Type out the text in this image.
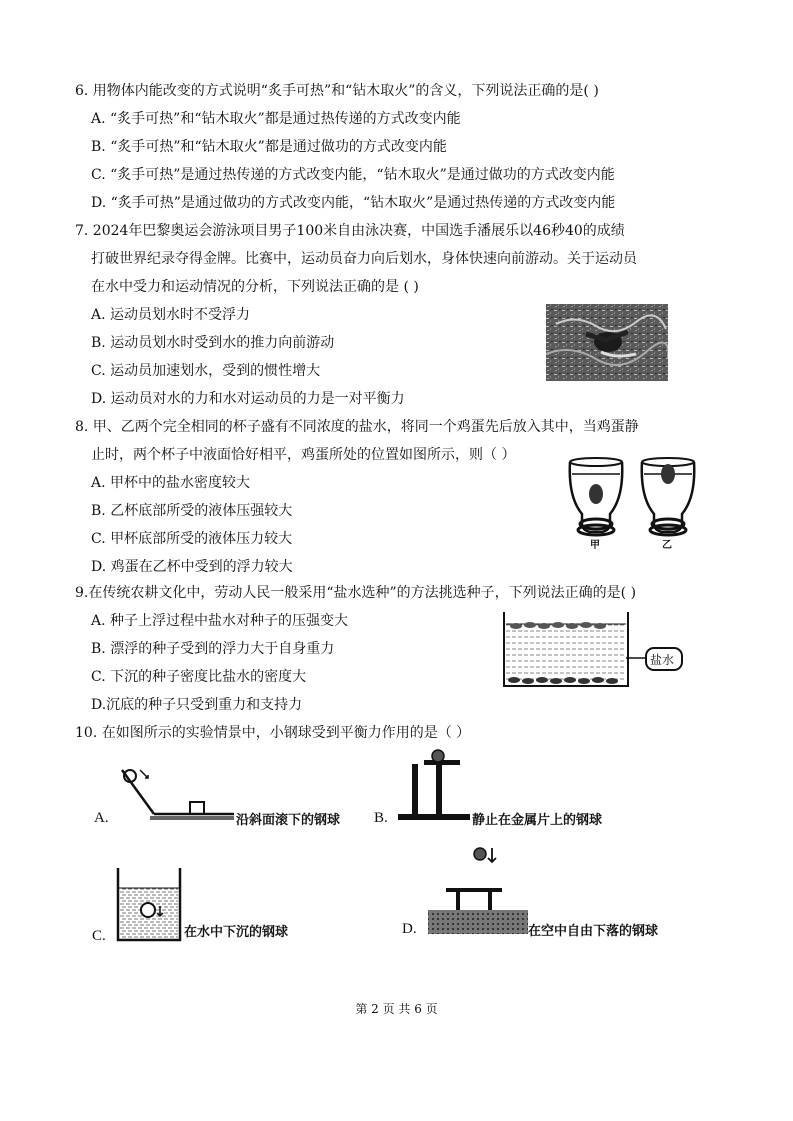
6. 用物体内能改变的方式说明“炙手可热”和“钻木取火”的含义，下列说法正确的是( )
A. “炙手可热”和“钻木取火”都是通过热传递的方式改变内能
B. “炙手可热”和“钻木取火”都是通过做功的方式改变内能
C. “炙手可热”是通过热传递的方式改变内能，“钻木取火”是通过做功的方式改变内能
D. “炙手可热”是通过做功的方式改变内能，“钻木取火”是通过热传递的方式改变内能
7. 2024年巴黎奥运会游泳项目男子100米自由泳决赛，中国选手潘展乐以46秒40的成绩
打破世界纪录夺得金牌。比赛中，运动员奋力向后划水，身体快速向前游动。关于运动员
在水中受力和运动情况的分析，下列说法正确的是 ( )
A. 运动员划水时不受浮力
B. 运动员划水时受到水的推力向前游动
C. 运动员加速划水，受到的惯性增大
D. 运动员对水的力和水对运动员的力是一对平衡力
8. 甲、乙两个完全相同的杯子盛有不同浓度的盐水，将同一个鸡蛋先后放入其中，当鸡蛋静
止时，两个杯子中液面恰好相平，鸡蛋所处的位置如图所示，则（ ）
A. 甲杯中的盐水密度较大
B. 乙杯底部所受的液体压强较大
C. 甲杯底部所受的液体压力较大
D. 鸡蛋在乙杯中受到的浮力较大
甲	乙
9.在传统农耕文化中，劳动人民一般采用“盐水选种”的方法挑选种子，下列说法正确的是( )
A. 种子上浮过程中盐水对种子的压强变大
B. 漂浮的种子受到的浮力大于自身重力
C. 下沉的种子密度比盐水的密度大
D.沉底的种子只受到重力和支持力
盐水
10. 在如图所示的实验情景中，小钢球受到平衡力作用的是（ ）
A.	沿斜面滚下的钢球 B.	静止在金属片上的钢球
C.	在水中下沉的钢球	D.	在空中自由下落的钢球
第 2 页 共 6 页
